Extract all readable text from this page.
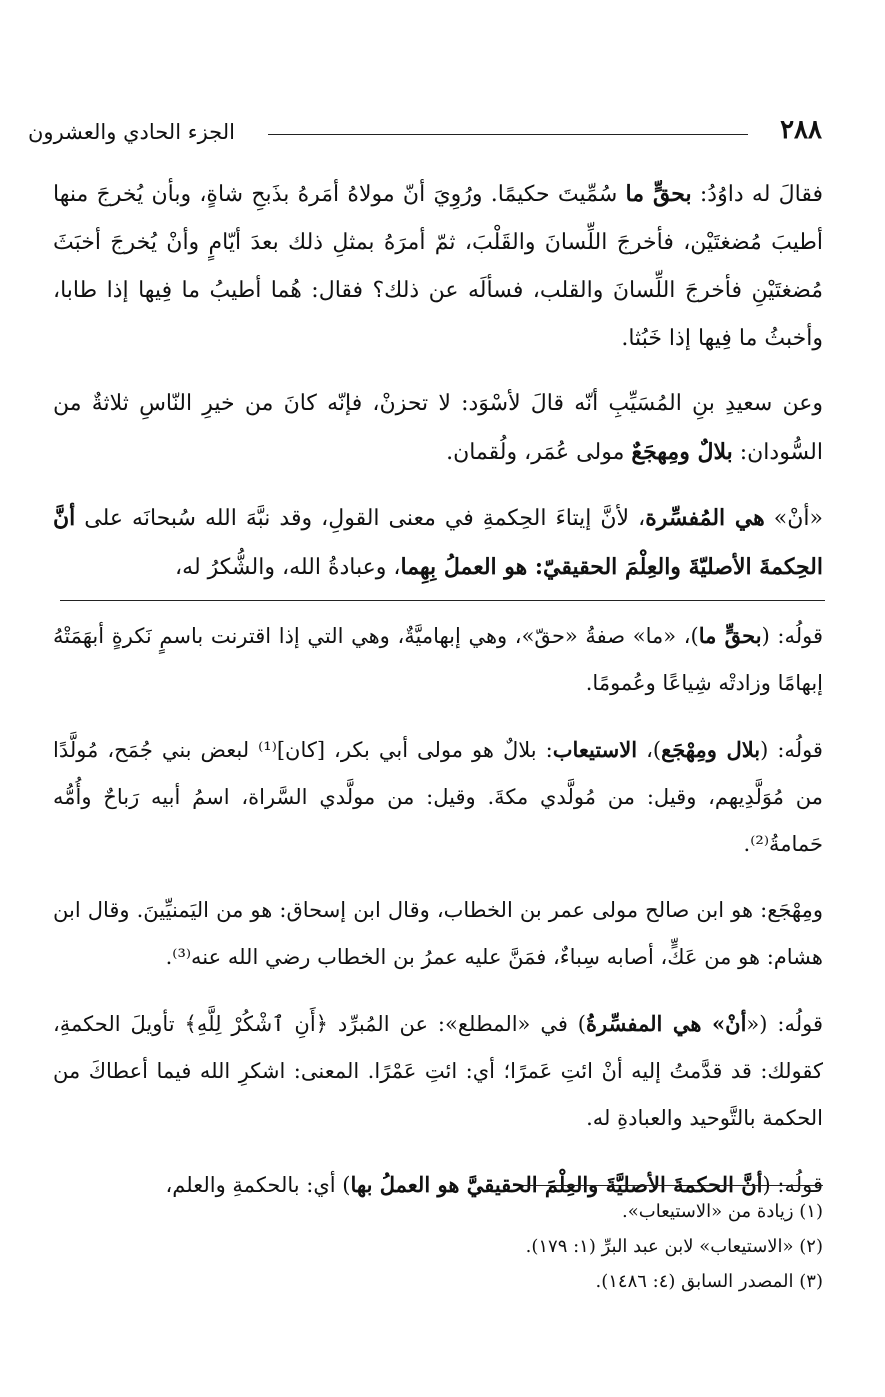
٢٨٨
الجزء الحادي والعشرون

فقالَ له داوُدُ: بحقٍّ ما سُمِّيتَ حكيمًا. ورُوِيَ أنّ مولاهُ أمَرهُ بذَبحِ شاةٍ، وبأن يُخرجَ منها أطيبَ مُضغتَيْن، فأخرجَ اللِّسانَ والقَلْبَ، ثمّ أمرَهُ بمثلِ ذلك بعدَ أيّامٍ وأنْ يُخرجَ أخبَثَ مُضغتَيْنِ فأخرجَ اللِّسانَ والقلب، فسألَه عن ذلك؟ فقال: هُما أطيبُ ما فِيها إذا طابا، وأخبثُ ما فِيها إذا خَبُثا.

وعن سعيدِ بنِ المُسَيِّبِ أنّه قالَ لأسْوَد: لا تحزنْ، فإنّه كانَ من خيرِ النّاسِ ثلاثةٌ من السُّودان: بلالٌ ومِهجَعٌ مولى عُمَر، ولُقمان.

«أنْ» هي المُفسِّرة، لأنَّ إيتاءَ الحِكمةِ في معنى القولِ، وقد نبَّهَ الله سُبحانَه على أنَّ الحِكمةَ الأصليّةَ والعِلْمَ الحقيقيّ: هو العملُ بِهِما، وعبادةُ الله، والشُّكرُ له،

قولُه: (بحقٍّ ما)، «ما» صفةُ «حقّ»، وهي إبهاميَّةٌ، وهي التي إذا اقترنت باسمٍ نَكرةٍ أبهَمَتْهُ إبهامًا وزادتْه شِياعًا وعُمومًا.

قولُه: (بلال ومِهْجَع)، الاستيعاب: بلالٌ هو مولى أبي بكر، [كان]⁽¹⁾ لبعض بني جُمَح، مُولَّدًا من مُوَلَّدِيهم، وقيل: من مُولَّدي مكةَ. وقيل: من مولَّدي السَّراة، اسمُ أبيه رَباحٌ وأُمُّه حَمامةُ⁽²⁾.

ومِهْجَع: هو ابن صالح مولى عمر بن الخطاب، وقال ابن إسحاق: هو من اليَمنيِّينَ. وقال ابن هشام: هو من عَكٍّ، أصابه سِباءٌ، فمَنَّ عليه عمرُ بن الخطاب رضي الله عنه⁽³⁾.

قولُه: («أنْ» هي المفسِّرةُ) في «المطلع»: عن المُبرِّد ﴿أَنِ ٱشْكُرْ لِلَّهِ﴾ تأويلَ الحكمةِ، كقولك: قد قدَّمتُ إليه أنْ ائتِ عَمرًا؛ أي: ائتِ عَمْرًا. المعنى: اشكرِ الله فيما أعطاكَ من الحكمة بالتَّوحيد والعبادةِ له.

قولُه: (أنَّ الحكمةَ الأصليَّةَ والعِلْمَ الحقيقيَّ هو العملُ بها) أي: بالحكمةِ والعلم،

(١) زيادة من «الاستيعاب».
(٢) «الاستيعاب» لابن عبد البرِّ (١: ١٧٩).
(٣) المصدر السابق (٤: ١٤٨٦).
